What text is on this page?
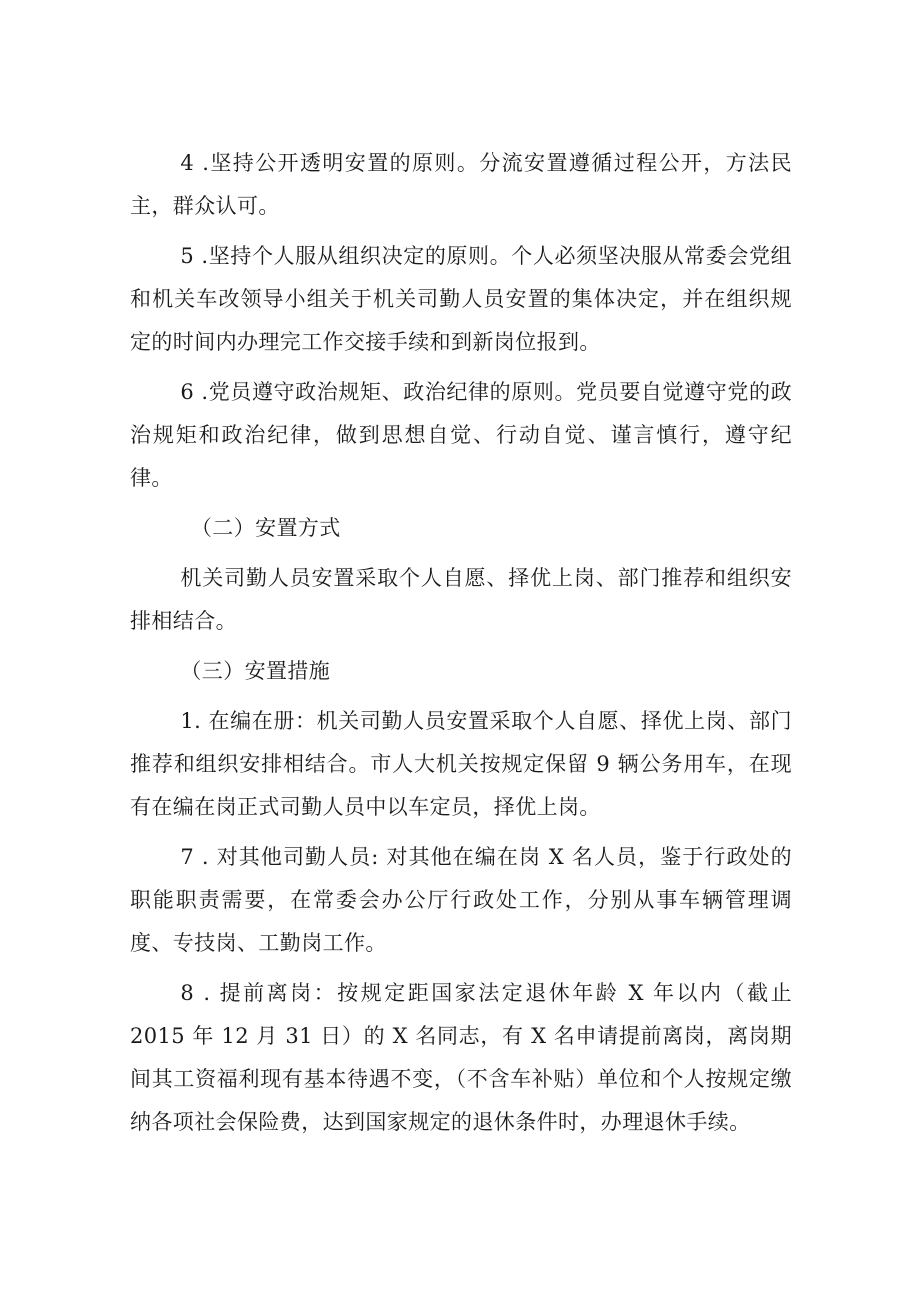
4 .坚持公开透明安置的原则。分流安置遵循过程公开，方法民主，群众认可。

5 .坚持个人服从组织决定的原则。个人必须坚决服从常委会党组和机关车改领导小组关于机关司勤人员安置的集体决定，并在组织规定的时间内办理完工作交接手续和到新岗位报到。

6 .党员遵守政治规矩、政治纪律的原则。党员要自觉遵守党的政治规矩和政治纪律，做到思想自觉、行动自觉、谨言慎行，遵守纪律。

（二）安置方式

机关司勤人员安置采取个人自愿、择优上岗、部门推荐和组织安排相结合。

（三）安置措施

1. 在编在册：机关司勤人员安置采取个人自愿、择优上岗、部门推荐和组织安排相结合。市人大机关按规定保留 9 辆公务用车，在现有在编在岗正式司勤人员中以车定员，择优上岗。

7 . 对其他司勤人员: 对其他在编在岗 X 名人员，鉴于行政处的职能职责需要，在常委会办公厅行政处工作，分别从事车辆管理调度、专技岗、工勤岗工作。

8 . 提前离岗：按规定距国家法定退休年龄 X 年以内（截止 2015 年 12 月 31 日）的 X 名同志，有 X 名申请提前离岗，离岗期间其工资福利现有基本待遇不变，（不含车补贴）单位和个人按规定缴纳各项社会保险费，达到国家规定的退休条件时，办理退休手续。
